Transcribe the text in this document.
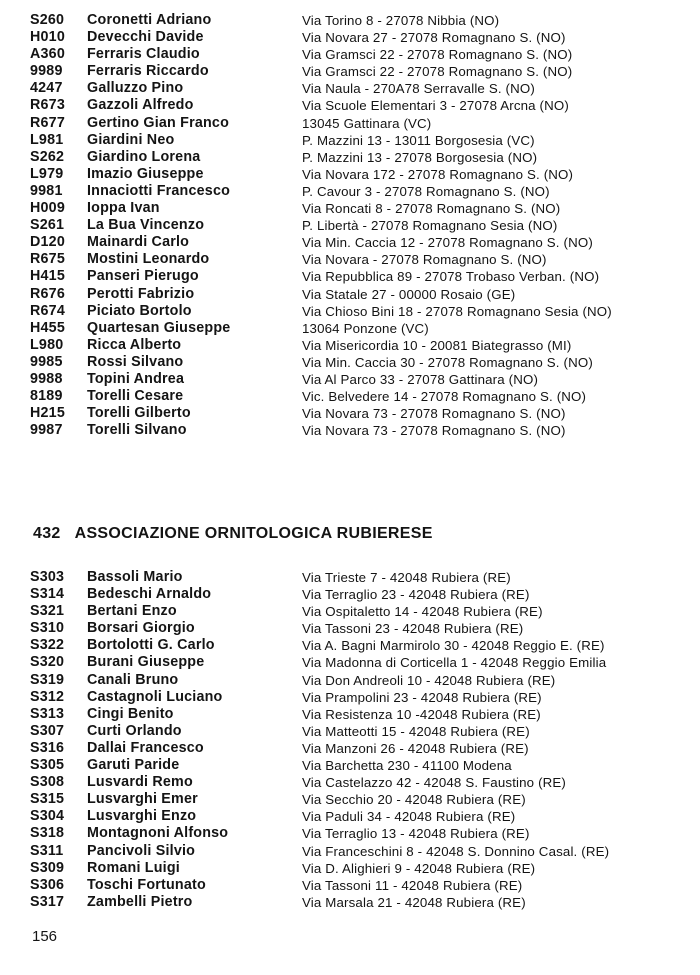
S260 Coronetti Adriano	Via Torino 8 - 27078 Nibbia (NO)
H010 Devecchi Davide	Via Novara 27 - 27078 Romagnano S. (NO)
A360 Ferraris Claudio	Via Gramsci 22 - 27078 Romagnano S. (NO)
9989 Ferraris Riccardo	Via Gramsci 22 - 27078 Romagnano S. (NO)
4247 Galluzzo Pino	Via Naula - 270A78 Serravalle S. (NO)
R673 Gazzoli Alfredo	Via Scuole Elementari 3 - 27078 Arcna (NO)
R677 Gertino Gian Franco	13045 Gattinara (VC)
L981 Giardini Neo	P. Mazzini 13 - 13011 Borgosesia (VC)
S262 Giardino Lorena	P. Mazzini 13 - 27078 Borgosesia (NO)
L979 Imazio Giuseppe	Via Novara 172 - 27078 Romagnano S. (NO)
9981 Innaciotti Francesco	P. Cavour 3 - 27078 Romagnano S. (NO)
H009 Ioppa Ivan	Via Roncati 8 - 27078 Romagnano S. (NO)
S261 La Bua Vincenzo	P. Libertà - 27078 Romagnano Sesia (NO)
D120 Mainardi Carlo	Via Min. Caccia 12 - 27078 Romagnano S. (NO)
R675 Mostini Leonardo	Via Novara - 27078 Romagnano S. (NO)
H415 Panseri Pierugo	Via Repubblica 89 - 27078 Trobaso Verban. (NO)
R676 Perotti Fabrizio	Via Statale 27 - 00000 Rosaio (GE)
R674 Piciato Bortolo	Via Chioso Bini 18 - 27078 Romagnano Sesia (NO)
H455 Quartesan Giuseppe	13064 Ponzone (VC)
L980 Ricca Alberto	Via Misericordia 10 - 20081 Biategrasso (MI)
9985 Rossi Silvano	Via Min. Caccia 30 - 27078 Romagnano S. (NO)
9988 Topini Andrea	Via Al Parco 33 - 27078 Gattinara (NO)
8189 Torelli Cesare	Vic. Belvedere 14 - 27078 Romagnano S. (NO)
H215 Torelli Gilberto	Via Novara 73 - 27078 Romagnano S. (NO)
9987 Torelli Silvano	Via Novara 73 - 27078 Romagnano S. (NO)
432 ASSOCIAZIONE ORNITOLOGICA RUBIERESE
S303 Bassoli Mario	Via Trieste 7 - 42048 Rubiera (RE)
S314 Bedeschi Arnaldo	Via Terraglio 23 - 42048 Rubiera (RE)
S321 Bertani Enzo	Via Ospitaletto 14 - 42048 Rubiera (RE)
S310 Borsari Giorgio	Via Tassoni 23 - 42048 Rubiera (RE)
S322 Bortolotti G. Carlo	Via A. Bagni Marmirolo 30 - 42048 Reggio E. (RE)
S320 Burani Giuseppe	Via Madonna di Corticella 1 - 42048 Reggio Emilia
S319 Canali Bruno	Via Don Andreoli 10 - 42048 Rubiera (RE)
S312 Castagnoli Luciano	Via Prampolini 23 - 42048 Rubiera (RE)
S313 Cingi Benito	Via Resistenza 10 -42048 Rubiera (RE)
S307 Curti Orlando	Via Matteotti 15 - 42048 Rubiera (RE)
S316 Dallai Francesco	Via Manzoni 26 - 42048 Rubiera (RE)
S305 Garuti Paride	Via Barchetta 230 - 41100 Modena
S308 Lusvardi Remo	Via Castelazzo 42 - 42048 S. Faustino (RE)
S315 Lusvarghi Emer	Via Secchio 20 - 42048 Rubiera (RE)
S304 Lusvarghi Enzo	Via Paduli 34 - 42048 Rubiera (RE)
S318 Montagnoni Alfonso	Via Terraglio 13 - 42048 Rubiera (RE)
S311 Pancivoli Silvio	Via Franceschini 8 - 42048 S. Donnino Casal. (RE)
S309 Romani Luigi	Via D. Alighieri 9 - 42048 Rubiera (RE)
S306 Toschi Fortunato	Via Tassoni 11 - 42048 Rubiera (RE)
S317 Zambelli Pietro	Via Marsala 21 - 42048 Rubiera (RE)
156
